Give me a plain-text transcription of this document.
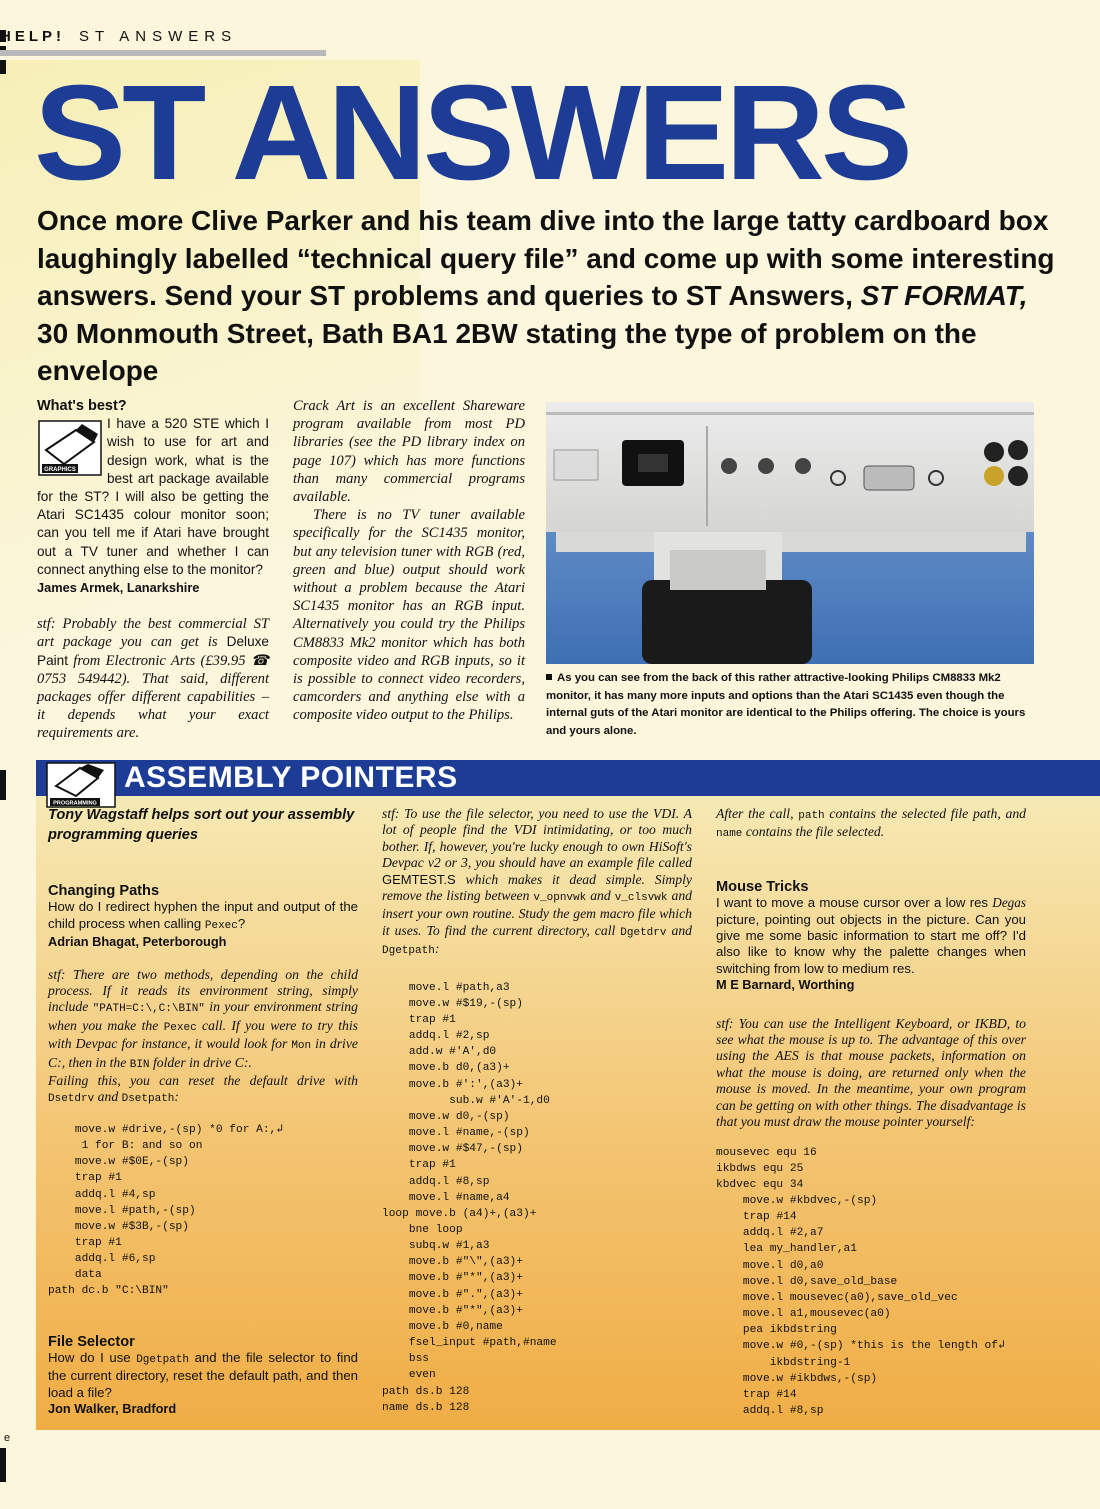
HELP! ST ANSWERS
ST ANSWERS
Once more Clive Parker and his team dive into the large tatty cardboard box laughingly labelled “technical query file” and come up with some interesting answers. Send your ST problems and queries to ST Answers, ST FORMAT, 30 Monmouth Street, Bath BA1 2BW stating the type of problem on the envelope
What's best?
I have a 520 STE which I wish to use for art and design work, what is the best art package available for the ST? I will also be getting the Atari SC1435 colour monitor soon; can you tell me if Atari have brought out a TV tuner and whether I can connect anything else to the monitor?
James Armek, Lanarkshire
stf: Probably the best commercial ST art package you can get is Deluxe Paint from Electronic Arts (£39.95 ☎ 0753 549442). That said, different packages offer different capabilities – it depends what your exact requirements are.
GRAPHICS
Crack Art is an excellent Shareware program available from most PD libraries (see the PD library index on page 107) which has more functions than many commercial programs available.
There is no TV tuner available specifically for the SC1435 monitor, but any television tuner with RGB (red, green and blue) output should work without a problem because the Atari SC1435 monitor has an RGB input. Alternatively you could try the Philips CM8833 Mk2 monitor which has both composite video and RGB inputs, so it is possible to connect video recorders, camcorders and anything else with a composite video output to the Philips.
As you can see from the back of this rather attractive-looking Philips CM8833 Mk2 monitor, it has many more inputs and options than the Atari SC1435 even though the internal guts of the Atari monitor are identical to the Philips offering. The choice is yours and yours alone.
ASSEMBLY POINTERS
PROGRAMMING
Tony Wagstaff helps sort out your assembly programming queries
Changing Paths
How do I redirect hyphen the input and output of the child process when calling Pexec?
Adrian Bhagat, Peterborough
stf: There are two methods, depending on the child process. If it reads its environment string, simply include "PATH=C:\,C:\BIN" in your environment string when you make the Pexec call. If you were to try this with Devpac for instance, it would look for Mon in drive C:, then in the BIN folder in drive C:.
Failing this, you can reset the default drive with Dsetdrv and Dsetpath:
move.w #drive,-(sp) *0 for A:,↲
1 for B: and so on
move.w #$0E,-(sp)
trap #1
addq.l #4,sp
move.l #path,-(sp)
move.w #$3B,-(sp)
trap #1
addq.l #6,sp
data
path dc.b "C:\BIN"
File Selector
How do I use Dgetpath and the file selector to find the current directory, reset the default path, and then load a file?
Jon Walker, Bradford
stf: To use the file selector, you need to use the VDI. A lot of people find the VDI intimidating, or too much bother. If, however, you're lucky enough to own HiSoft's Devpac v2 or 3, you should have an example file called GEMTEST.S which makes it dead simple. Simply remove the listing between v_opnvwk and v_clsvwk and insert your own routine. Study the gem macro file which it uses. To find the current directory, call Dgetdrv and Dgetpath:
move.l #path,a3
move.w #$19,-(sp)
trap #1
addq.l #2,sp
add.w #'A',d0
move.b d0,(a3)+
move.b #':',(a3)+
sub.w #'A'-1,d0
move.w d0,-(sp)
move.l #name,-(sp)
move.w #$47,-(sp)
trap #1
addq.l #8,sp
move.l #name,a4
loop move.b (a4)+,(a3)+
bne loop
subq.w #1,a3
move.b #"\",(a3)+
move.b #"*",(a3)+
move.b #".",(a3)+
move.b #"*",(a3)+
move.b #0,name
fsel_input #path,#name
bss
even
path ds.b 128
name ds.b 128
After the call, path contains the selected file path, and name contains the file selected.
Mouse Tricks
I want to move a mouse cursor over a low res Degas picture, pointing out objects in the picture. Can you give me some basic information to start me off? I'd also like to know why the palette changes when switching from low to medium res.
M E Barnard, Worthing
stf: You can use the Intelligent Keyboard, or IKBD, to see what the mouse is up to. The advantage of this over using the AES is that mouse packets, information on what the mouse is doing, are returned only when the mouse is moved. In the meantime, your own program can be getting on with other things. The disadvantage is that you must draw the mouse pointer yourself:
mousevec equ 16
ikbdws equ 25
kbdvec equ 34
move.w #kbdvec,-(sp)
trap #14
addq.l #2,a7
lea my_handler,a1
move.l d0,a0
move.l d0,save_old_base
move.l mousevec(a0),save_old_vec
move.l a1,mousevec(a0)
pea ikbdstring
move.w #0,-(sp) *this is the length of↲
ikbdstring-1
move.w #ikbdws,-(sp)
trap #14
addq.l #8,sp
e
